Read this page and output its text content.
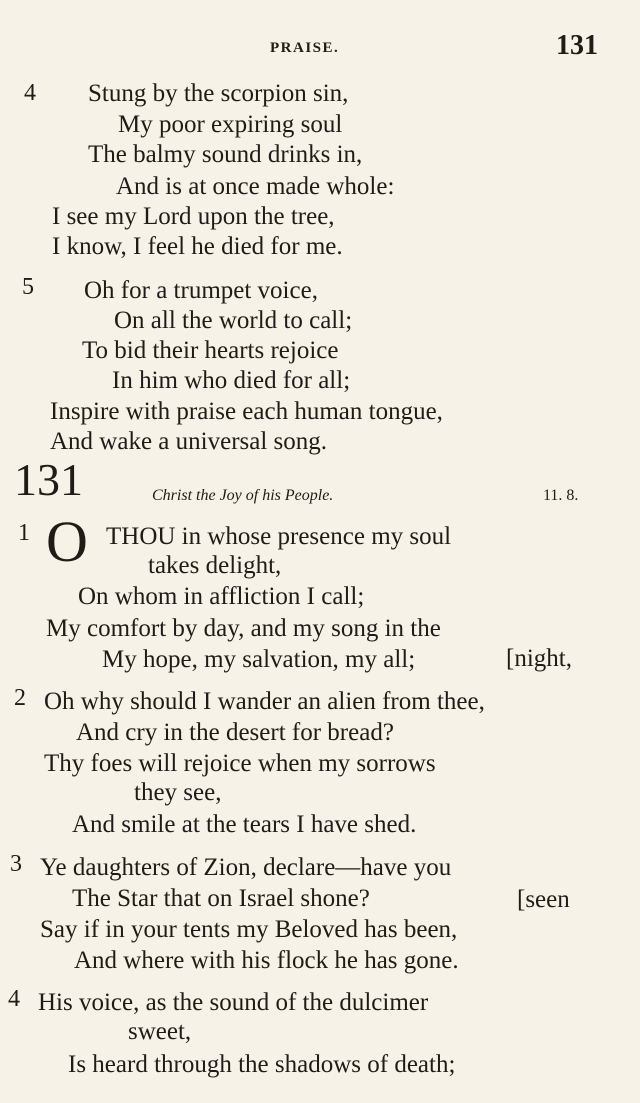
PRAISE.	131
4 Stung by the scorpion sin,
My poor expiring soul
The balmy sound drinks in,
And is at once made whole:
I see my Lord upon the tree,
I know, I feel he died for me.
5 Oh for a trumpet voice,
On all the world to call;
To bid their hearts rejoice
In him who died for all;
Inspire with praise each human tongue,
And wake a universal song.
131	Christ the Joy of his People.	11. 8.
1 O THOU in whose presence my soul
takes delight,
On whom in affliction I call;
My comfort by day, and my song in the
My hope, my salvation, my all;	[night,
2 Oh why should I wander an alien from thee,
And cry in the desert for bread?
Thy foes will rejoice when my sorrows
they see,
And smile at the tears I have shed.
3 Ye daughters of Zion, declare—have you
The Star that on Israel shone?	[seen
Say if in your tents my Beloved has been,
And where with his flock he has gone.
4 His voice, as the sound of the dulcimer
sweet,
Is heard through the shadows of death;
